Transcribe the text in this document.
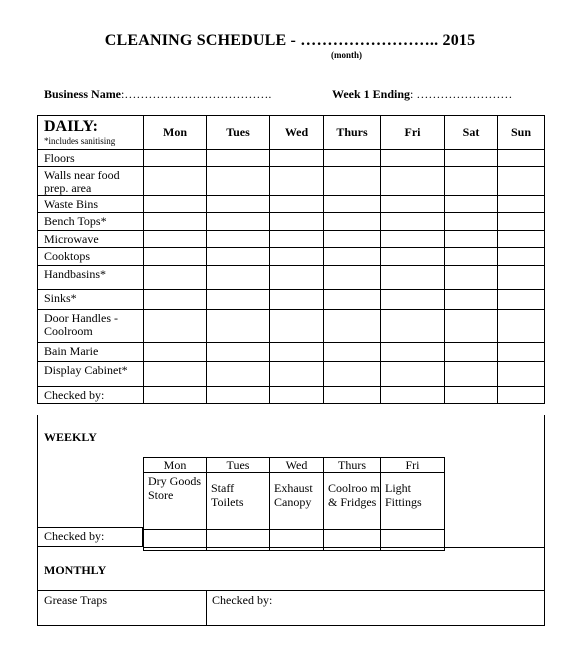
CLEANING SCHEDULE - …………………….. 2015
(month)
Business Name:……………………………….	Week 1 Ending: ……………………
DAILY:
*includes sanitising	Mon	Tues	Wed	Thurs	Fri	Sat	Sun
Floors							
Walls near food prep. area							
Waste Bins							
Bench Tops*							
Microwave							
Cooktops							
Handbasins*							
Sinks*							
Door Handles - Coolroom							
Bain Marie							
Display Cabinet*							
Checked by:							
WEEKLY
Mon	Tues	Wed	Thurs	Fri
Dry Goods Store	Staff Toilets	Exhaust Canopy	Coolroo m & Fridges	Light Fittings

Checked by:
MONTHLY
Grease Traps	Checked by:
